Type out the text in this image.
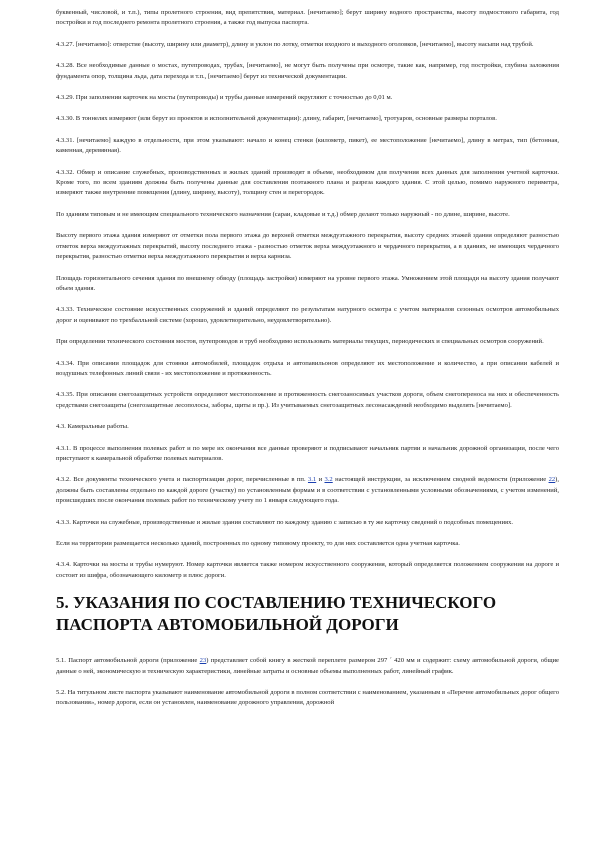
буквенный, числовой, и т.п.), типы пролетного строения, вид препятствия, материал. [нечитаемо]; берут ширину водного пространства, высоту подмостового габарита, год постройки и год последнего ремонта пролетного строения, а также год выпуска паспорта.

4.3.27. [нечитаемо]: отверстие (высоту, ширину или диаметр), длину и уклон по лотку, отметки входного и выходного оголовков, [нечитаемо], высоту насыпи над трубой.

4.3.28. Все необходимые данные о мостах, путепроводах, трубах, [нечитаемо], не могут быть получены при осмотре, такие как, например, год постройки, глубина заложения фундамента опор, толщина льда, дата перехода и т.п., [нечитаемо] берут из технической документации.

4.3.29. При заполнении карточек на мосты (путепроводы) и трубы данные измерений округляют с точностью до 0,01 м.

4.3.30. В тоннелях измеряют (или берут из проектов и исполнительной документации): длину, габарит, [нечитаемо], тротуаров, основные размеры порталов.

4.3.31. [нечитаемо] каждую в отдельности, при этом указывают: начало и конец стенки (километр, пикет), ее местоположение [нечитаемо], длину в метрах, тип (бетонная, каменная, деревянная).

4.3.32. Обмер и описание служебных, производственных и жилых зданий производят в объеме, необходимом для получения всех данных для заполнения учетной карточки. Кроме того, по всем зданиям должны быть получены данные для составления поэтажного плана и разреза каждого здания. С этой целью, помимо наружного периметра, измеряют также внутренние помещения (длину, ширину, высоту), толщину стен и перегородок.

По зданиям типовым и не имеющим специального технического назначения (сараи, кладовые и т.д.) обмер делают только наружный - по длине, ширине, высоте.

Высоту первого этажа здания измеряют от отметки пола первого этажа до верхней отметки междуэтажного перекрытия, высоту средних этажей здания определяют разностью отметок верха междуэтажных перекрытий, высоту последнего этажа - разностью отметок верха междуэтажного и чердачного перекрытия, а в зданиях, не имеющих чердачного перекрытия, разностью отметки верха междуэтажного перекрытия и верха карниза.

Площадь горизонтального сечения здания по внешнему обводу (площадь застройки) измеряют на уровне первого этажа. Умножением этой площади на высоту здания получают объем здания.

4.3.33. Техническое состояние искусственных сооружений и зданий определяют по результатам натурного осмотра с учетом материалов сезонных осмотров автомобильных дорог и оценивают по трехбалльной системе (хорошо, удовлетворительно, неудовлетворительно).

При определении технического состояния мостов, путепроводов и труб необходимо использовать материалы текущих, периодических и специальных осмотров сооружений.

4.3.34. При описании площадок для стоянки автомобилей, площадок отдыха и автопавильонов определяют их местоположение и количество, а при описании кабелей и воздушных телефонных линий связи - их местоположение и протяженность.

4.3.35. При описании снегозащитных устройств определяют местоположение и протяженность снегозаносимых участков дороги, объем снегопереноса на них и обеспеченность средствами снегозащиты (снегозащитные лесополосы, заборы, щиты и пр.). Из учитываемых снегозащитных лесонасаждений необходимо выделять [нечитаемо].

4.3. Камеральные работы.

4.3.1. В процессе выполнения полевых работ и по мере их окончания все данные проверяют и подписывают начальник партии и начальник дорожной организации, после чего приступают к камеральной обработке полевых материалов.

4.3.2. Все документы технического учета и паспортизации дорог, перечисленные в пп. 3.1 и 3.2 настоящей инструкции, за исключением сводной ведомости (приложение 22), должны быть составлены отдельно по каждой дороге (участку) по установленным формам и в соответствии с установленными условными обозначениями, с учетом изменений, происшедших после окончания полевых работ по техническому учету по 1 января следующего года.

4.3.3. Карточки на служебные, производственные и жилые здания составляют по каждому зданию с записью в ту же карточку сведений о подсобных помещениях.

Если на территории размещается несколько зданий, построенных по одному типовому проекту, то для них составляется одна учетная карточка.

4.3.4. Карточки на мосты и трубы нумеруют. Номер карточки является также номером искусственного сооружения, который определяется положением сооружения на дороге и состоит из шифра, обозначающего километр и плюс дороги.

5. УКАЗАНИЯ ПО СОСТАВЛЕНИЮ ТЕХНИЧЕСКОГО ПАСПОРТА АВТОМОБИЛЬНОЙ ДОРОГИ

5.1. Паспорт автомобильной дороги (приложение 23) представляет собой книгу в жесткой переплете размером 297 ´ 420 мм и содержит: схему автомобильной дороги, общие данные о ней, экономическую и техническую характеристики, линейные затраты и основные объемы выполненных работ, линейный график.

5.2. На титульном листе паспорта указывают наименование автомобильной дороги в полном соответствии с наименованием, указанным в «Перечне автомобильных дорог общего пользования», номер дороги, если он установлен, наименование дорожного управления, дорожной
